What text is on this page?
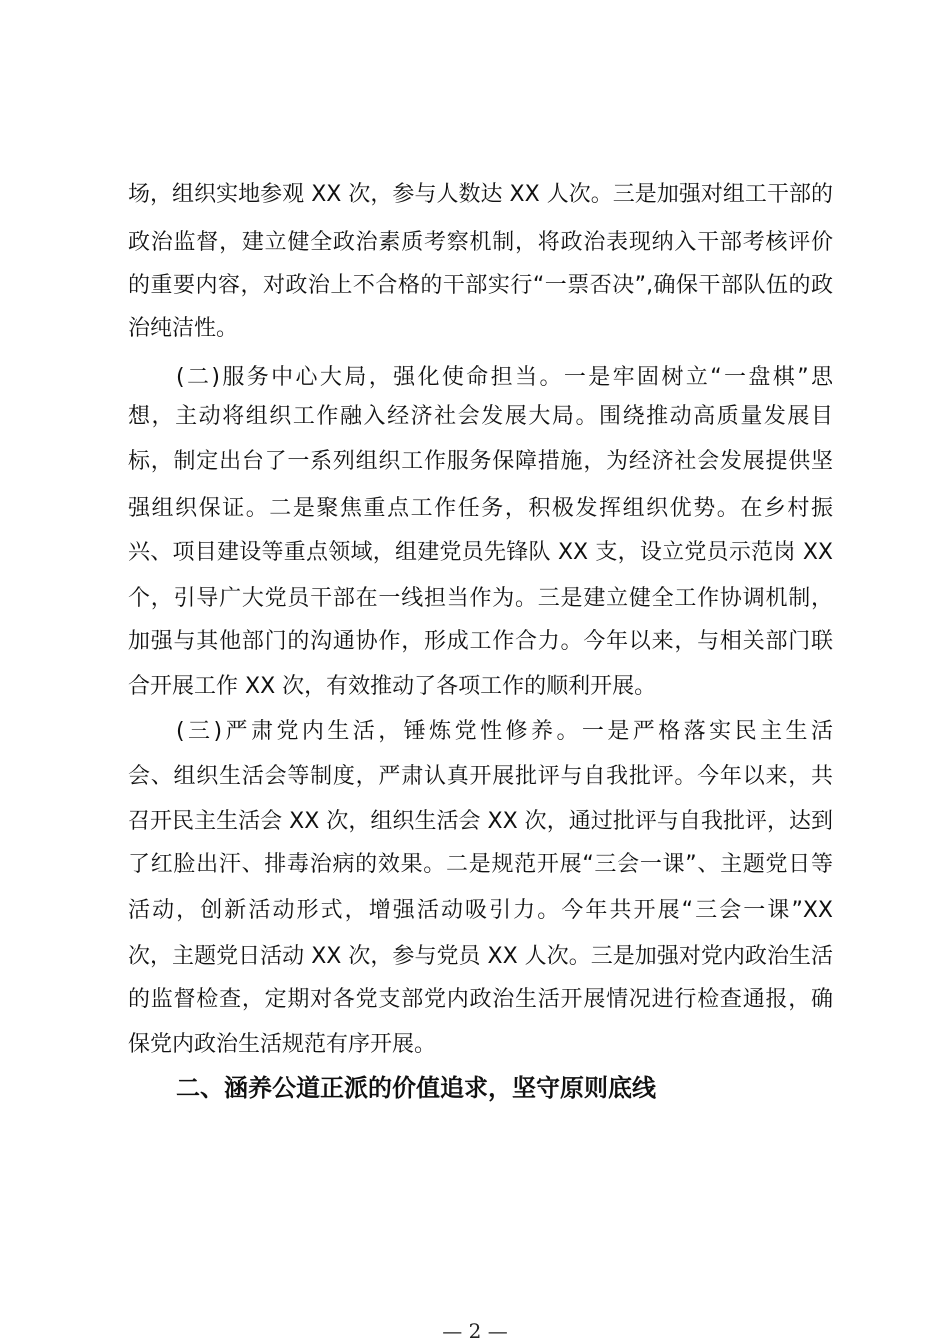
场，组织实地参观 XX 次，参与人数达 XX 人次。三是加强对组工干部的
政治监督，建立健全政治素质考察机制，将政治表现纳入干部考核评价
的重要内容，对政治上不合格的干部实行“一票否决”,确保干部队伍的政
治纯洁性。
(二)服务中心大局，强化使命担当。一是牢固树立“一盘棋”思
想，主动将组织工作融入经济社会发展大局。围绕推动高质量发展目
标，制定出台了一系列组织工作服务保障措施，为经济社会发展提供坚
强组织保证。二是聚焦重点工作任务，积极发挥组织优势。在乡村振
兴、项目建设等重点领域，组建党员先锋队 XX 支，设立党员示范岗 XX
个，引导广大党员干部在一线担当作为。三是建立健全工作协调机制，
加强与其他部门的沟通协作，形成工作合力。今年以来，与相关部门联
合开展工作 XX 次，有效推动了各项工作的顺利开展。
(三)严肃党内生活，锤炼党性修养。一是严格落实民主生活
会、组织生活会等制度，严肃认真开展批评与自我批评。今年以来，共
召开民主生活会 XX 次，组织生活会 XX 次，通过批评与自我批评，达到
了红脸出汗、排毒治病的效果。二是规范开展“三会一课”、主题党日等
活动，创新活动形式，增强活动吸引力。今年共开展“三会一课”XX
次，主题党日活动 XX 次，参与党员 XX 人次。三是加强对党内政治生活
的监督检查，定期对各党支部党内政治生活开展情况进行检查通报，确
保党内政治生活规范有序开展。
二、涵养公道正派的价值追求，坚守原则底线
— 2 —
